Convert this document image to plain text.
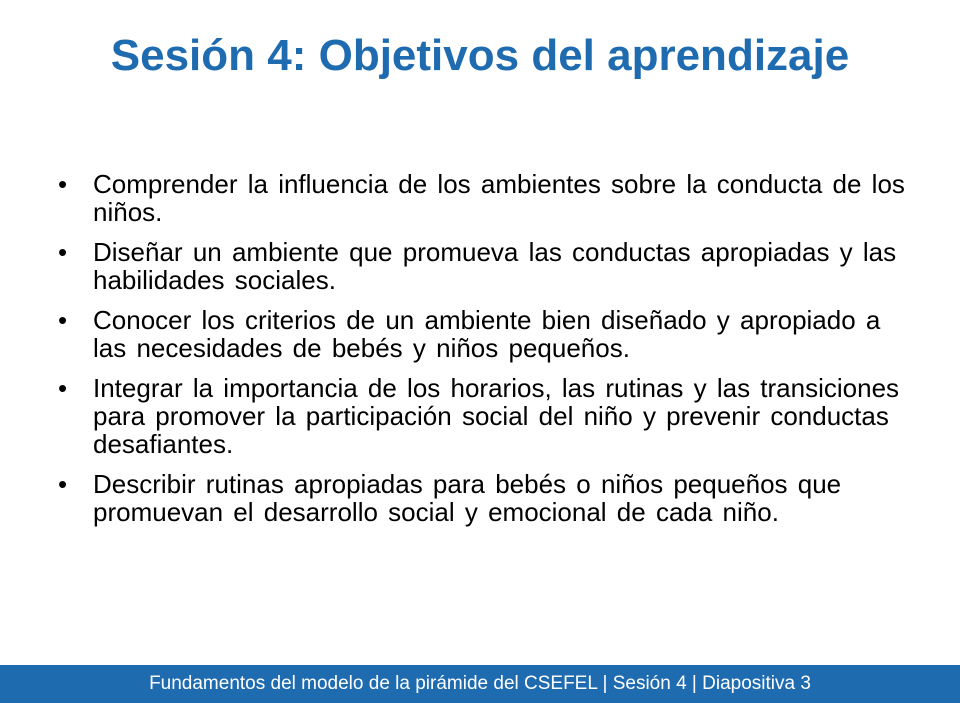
Sesión 4: Objetivos del aprendizaje
• Comprender la influencia de los ambientes sobre la conducta de los niños.
• Diseñar un ambiente que promueva las conductas apropiadas y las habilidades sociales.
• Conocer los criterios de un ambiente bien diseñado y apropiado a las necesidades de bebés y niños pequeños.
• Integrar la importancia de los horarios, las rutinas y las transiciones para promover la participación social del niño y prevenir conductas desafiantes.
• Describir rutinas apropiadas para bebés o niños pequeños que promuevan el desarrollo social y emocional de cada niño.
Fundamentos del modelo de la pirámide del CSEFEL | Sesión 4 | Diapositiva 3
